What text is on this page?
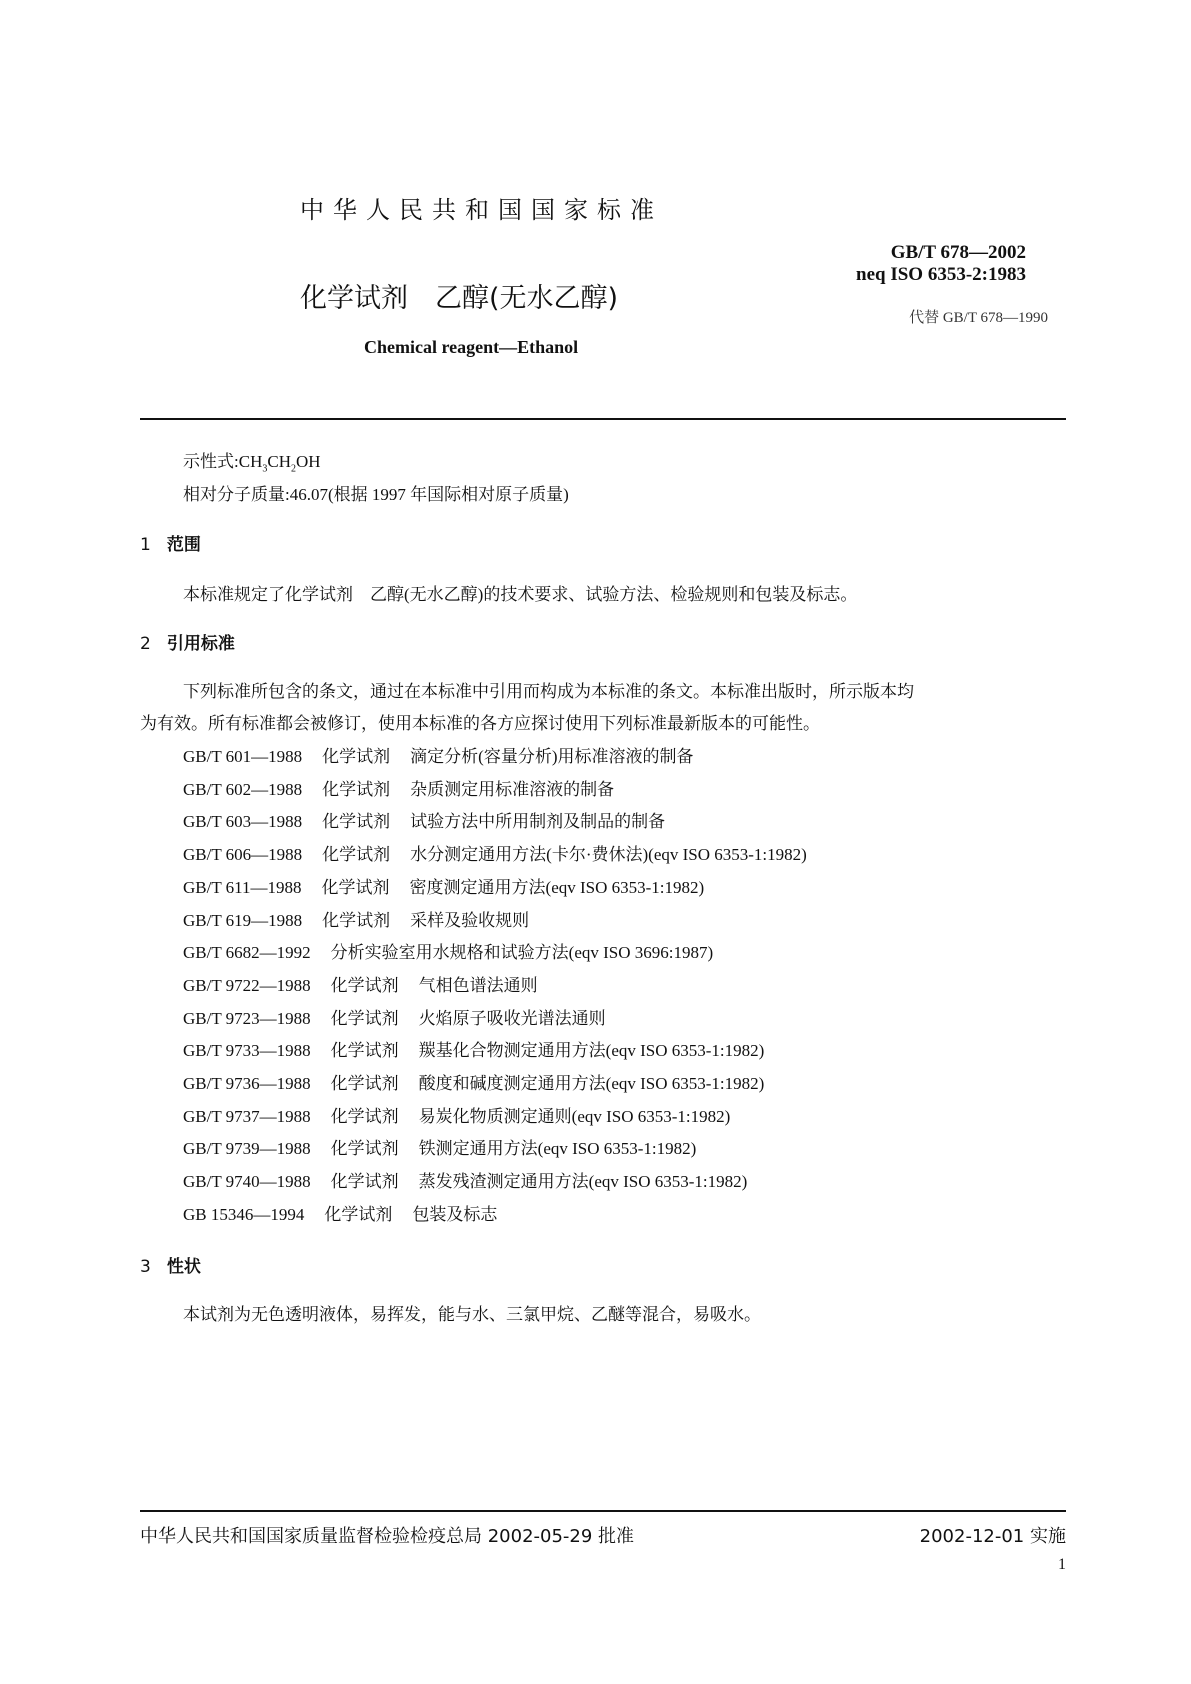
中华人民共和国国家标准
化学试剂　乙醇(无水乙醇)
Chemical reagent—Ethanol
GB/T 678—2002
neq ISO 6353-2:1983
代替 GB/T 678—1990
示性式$:CH_3CH_2OH$
相对分子质量:46.07(根据 1997 年国际相对原子质量)
1 范围
本标准规定了化学试剂　乙醇(无水乙醇)的技术要求、试验方法、检验规则和包装及标志。
2 引用标准
下列标准所包含的条文，通过在本标准中引用而构成为本标准的条文。本标准出版时，所示版本均
为有效。所有标准都会被修订，使用本标准的各方应探讨使用下列标准最新版本的可能性。
GB/T 601—1988 化学试剂 滴定分析(容量分析)用标准溶液的制备
GB/T 602—1988 化学试剂 杂质测定用标准溶液的制备
GB/T 603—1988 化学试剂 试验方法中所用制剂及制品的制备
GB/T 606—1988 化学试剂 水分测定通用方法(卡尔·费休法)(eqv ISO 6353-1:1982)
GB/T 611—1988 化学试剂 密度测定通用方法(eqv ISO 6353-1:1982)
GB/T 619—1988 化学试剂 采样及验收规则
GB/T 6682—1992 分析实验室用水规格和试验方法(eqv ISO 3696:1987)
GB/T 9722—1988 化学试剂 气相色谱法通则
GB/T 9723—1988 化学试剂 火焰原子吸收光谱法通则
GB/T 9733—1988 化学试剂 羰基化合物测定通用方法(eqv ISO 6353-1:1982)
GB/T 9736—1988 化学试剂 酸度和碱度测定通用方法(eqv ISO 6353-1:1982)
GB/T 9737—1988 化学试剂 易炭化物质测定通则(eqv ISO 6353-1:1982)
GB/T 9739—1988 化学试剂 铁测定通用方法(eqv ISO 6353-1:1982)
GB/T 9740—1988 化学试剂 蒸发残渣测定通用方法(eqv ISO 6353-1:1982)
GB 15346—1994 化学试剂 包装及标志
3 性状
本试剂为无色透明液体，易挥发，能与水、三氯甲烷、乙醚等混合，易吸水。
中华人民共和国国家质量监督检验检疫总局 2002-05-29 批准	2002-12-01 实施
1
